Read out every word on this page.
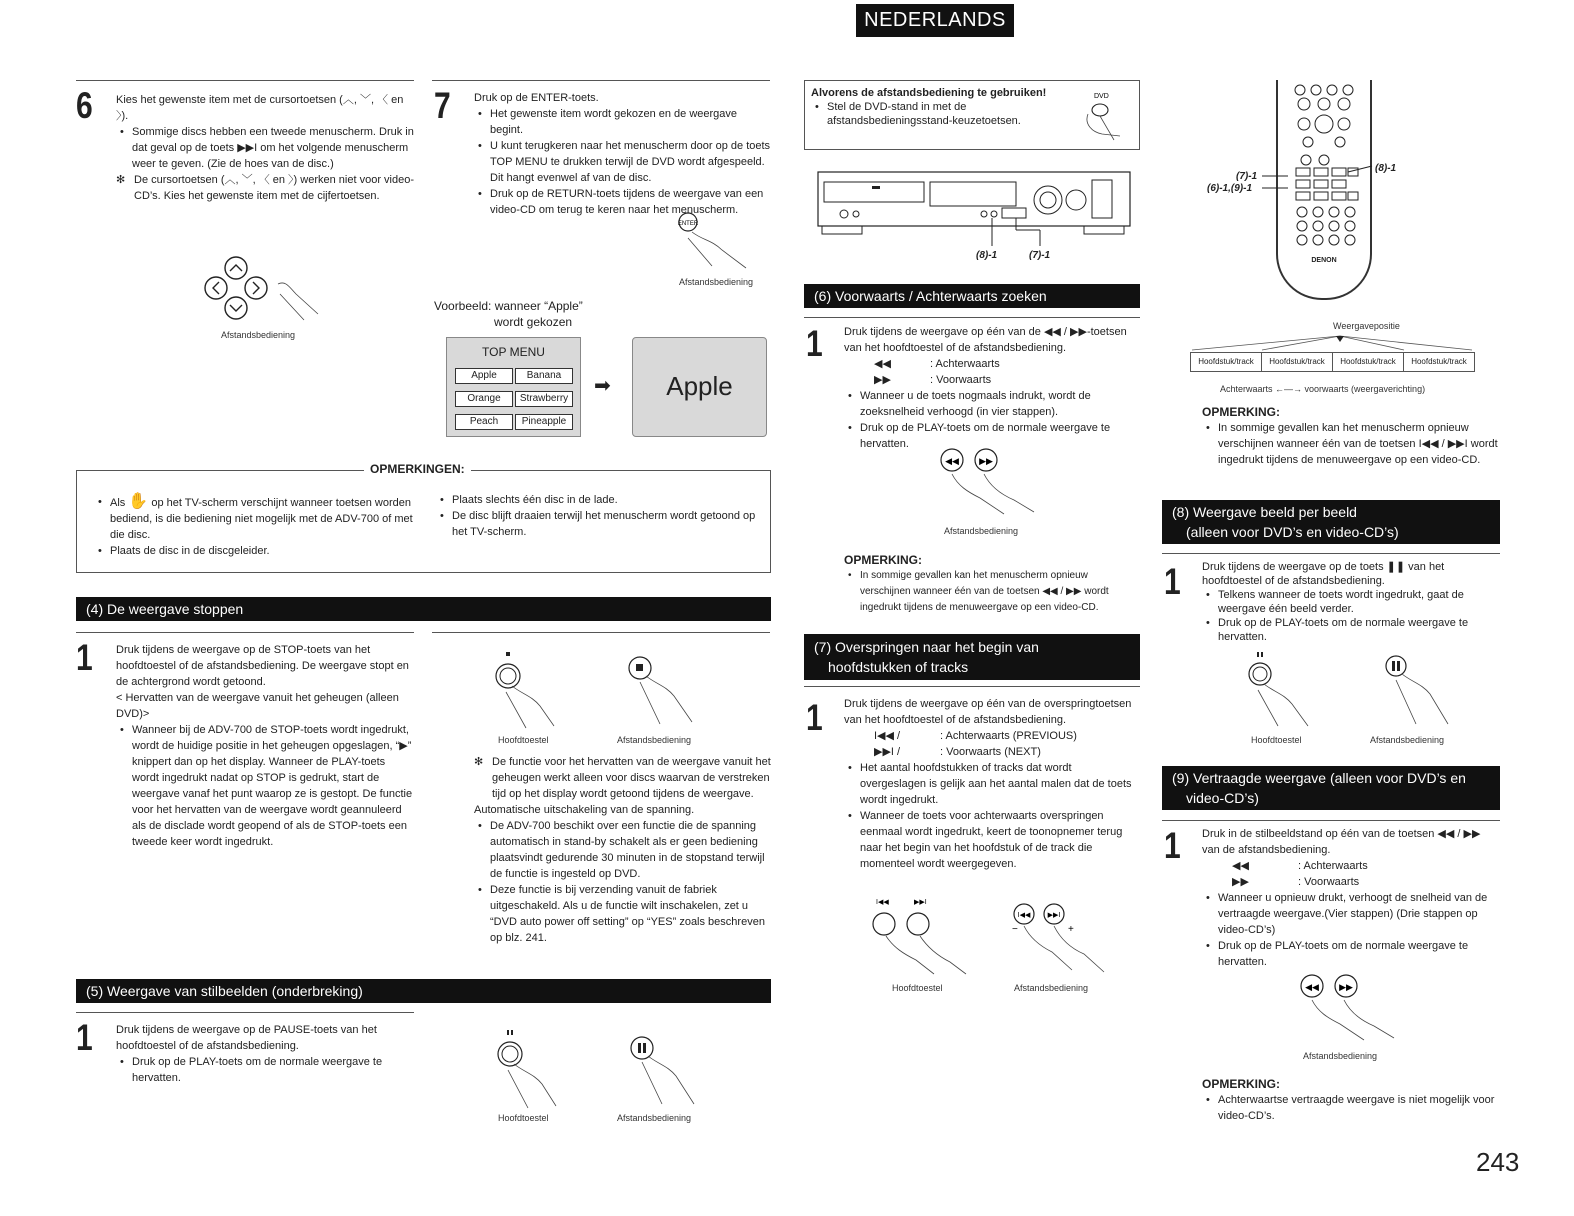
NEDERLANDS
6 Kies het gewenste item met de cursortoetsen (︿, ﹀, 〈 en 〉).

• Sommige discs hebben een tweede menuscherm. Druk in dat geval op de toets ▶▶I om het volgende menuscherm weer te geven. (Zie de hoes van de disc.)
✻ De cursortoetsen (︿, ﹀, 〈 en 〉) werken niet voor video-CD’s. Kies het gewenste item met de cijfertoetsen.
Afstandsbediening
7 Druk op de ENTER-toets.

• Het gewenste item wordt gekozen en de weergave begint.
• U kunt terugkeren naar het menuscherm door op de toets TOP MENU te drukken terwijl de DVD wordt afgespeeld. Dit hangt evenwel af van de disc.
• Druk op de RETURN-toets tijdens de weergave van een video-CD om terug te keren naar het menuscherm.
ENTER
Afstandsbediening
Voorbeeld: wanneer “Apple”
wordt gekozen
TOP MENU
Apple	Banana
Orange	Strawberry
Peach	Pineapple
➡	Apple
OPMERKINGEN:
• Als ✋ op het TV-scherm verschijnt wanneer toetsen worden bediend, is die bediening niet mogelijk met de ADV-700 of met die disc.
• Plaats de disc in de discgeleider.
• Plaats slechts één disc in de lade.
• De disc blijft draaien terwijl het menuscherm wordt getoond op het TV-scherm.
(4) De weergave stoppen
1 Druk tijdens de weergave op de STOP-toets van het hoofdtoestel of de afstandsbediening. De weergave stopt en de achtergrond wordt getoond.

< Hervatten van de weergave vanuit het geheugen (alleen DVD)>

• Wanneer bij de ADV-700 de STOP-toets wordt ingedrukt, wordt de huidige positie in het geheugen opgeslagen, “▶” knippert dan op het display. Wanneer de PLAY-toets wordt ingedrukt nadat op STOP is gedrukt, start de weergave vanaf het punt waarop ze is gestopt. De functie voor het hervatten van de weergave wordt geannuleerd als de disclade wordt geopend of als de STOP-toets een tweede keer wordt ingedrukt.
Hoofdtoestel	Afstandsbediening
✻ De functie voor het hervatten van de weergave vanuit het geheugen werkt alleen voor discs waarvan de verstreken tijd op het display wordt getoond tijdens de weergave.

Automatische uitschakeling van de spanning.

• De ADV-700 beschikt over een functie die de spanning automatisch in stand-by schakelt als er geen bediening plaatsvindt gedurende 30 minuten in de stopstand terwijl de functie is ingesteld op DVD.
• Deze functie is bij verzending vanuit de fabriek uitgeschakeld. Als u de functie wilt inschakelen, zet u “DVD auto power off setting” op “YES” zoals beschreven op blz. 241.
(5) Weergave van stilbeelden (onderbreking)
1 Druk tijdens de weergave op de PAUSE-toets van het hoofdtoestel of de afstandsbediening.

• Druk op de PLAY-toets om de normale weergave te hervatten.
Hoofdtoestel	Afstandsbediening

Alvorens de afstandsbediening te gebruiken!

• Stel de DVD-stand in met de afstandsbedieningsstand-keuzetoetsen.
DVD
(8)-1	(7)-1
(6) Voorwaarts / Achterwaarts zoeken
1 Druk tijdens de weergave op één van de ◀◀ / ▶▶-toetsen van het hoofdtoestel of de afstandsbediening.

◀◀	: Achterwaarts

▶▶	: Voorwaarts

• Wanneer u de toets nogmaals indrukt, wordt de zoeksnelheid verhoogd (in vier stappen).
• Druk op de PLAY-toets om de normale weergave te hervatten.
◀◀ ▶▶
Afstandsbediening
OPMERKING:
• In sommige gevallen kan het menuscherm opnieuw verschijnen wanneer één van de toetsen ◀◀ / ▶▶ wordt ingedrukt tijdens de menuweergave op een video-CD.
(7) Overspringen naar het begin van
hoofdstukken of tracks
1 Druk tijdens de weergave op één van de overspringtoetsen van het hoofdtoestel of de afstandsbediening.

I◀◀ /	: Achterwaarts (PREVIOUS)

▶▶I /	: Voorwaarts (NEXT)

• Het aantal hoofdstukken of tracks dat wordt overgeslagen is gelijk aan het aantal malen dat de toets wordt ingedrukt.
• Wanneer de toets voor achterwaarts overspringen eenmaal wordt ingedrukt, keert de toonopnemer terug naar het begin van het hoofdstuk of de track die momenteel wordt weergegeven.
I◀◀	▶▶I
I◀◀ ▶▶I
−	+
Hoofdtoestel	Afstandsbediening
DENON
(7)-1
(6)-1,(9)-1
(8)-1
Weergavepositie
Hoofdstuk/track	Hoofdstuk/track	Hoofdstuk/track	Hoofdstuk/track
Achterwaarts ←—→ voorwaarts (weergaverichting)
OPMERKING:
• In sommige gevallen kan het menuscherm opnieuw verschijnen wanneer één van de toetsen I◀◀ / ▶▶I wordt ingedrukt tijdens de menuweergave op een video-CD.
(8) Weergave beeld per beeld
(alleen voor DVD’s en video-CD’s)
1 Druk tijdens de weergave op de toets ❚❚ van het hoofdtoestel of de afstandsbediening.

• Telkens wanneer de toets wordt ingedrukt, gaat de weergave één beeld verder.
• Druk op de PLAY-toets om de normale weergave te hervatten.
Hoofdtoestel	Afstandsbediening
(9) Vertraagde weergave (alleen voor DVD’s en
video-CD’s)
1 Druk in de stilbeeldstand op één van de toetsen ◀◀ / ▶▶ van de afstandsbediening.

◀◀	: Achterwaarts

▶▶	: Voorwaarts

• Wanneer u opnieuw drukt, verhoogt de snelheid van de vertraagde weergave.(Vier stappen) (Drie stappen op video-CD’s)
• Druk op de PLAY-toets om de normale weergave te hervatten.
◀◀ ▶▶
Afstandsbediening
OPMERKING:
• Achterwaartse vertraagde weergave is niet mogelijk voor video-CD’s.
243
